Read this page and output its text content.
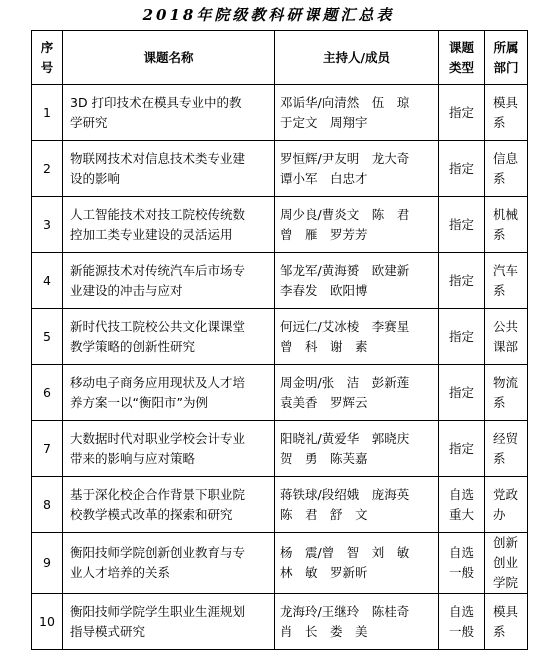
2018年院级教科研课题汇总表
序
号	课题名称	主持人/成员	课题
类型	所属
部门

1	3D 打印技术在模具专业中的教
学研究	邓诟华/向清然　伍　琼
于定文　周翔宇	指定	模具
系

2	物联网技术对信息技术类专业建
设的影响	罗恒辉/尹友明　龙大奇
谭小军　白忠才	指定	信息
系

3	人工智能技术对技工院校传统数
控加工类专业建设的灵活运用	周少良/曹炎文　陈　君
曾　雁　罗芳芳	指定	机械
系

4	新能源技术对传统汽车后市场专
业建设的冲击与应对	邹龙军/黄海赟　欧建新
李春发　欧阳博	指定	汽车
系

5	新时代技工院校公共文化课课堂
教学策略的创新性研究	何远仁/艾冰棱　李赛星
曾　科　谢　素	指定	公共
课部

6	移动电子商务应用现状及人才培
养方案一以“衡阳市”为例	周金明/张　洁　彭新莲
袁美香　罗辉云	指定	物流
系

7	大数据时代对职业学校会计专业
带来的影响与应对策略	阳晓礼/黄爱华　郭晓庆
贺　勇　陈芙嘉	指定	经贸
系

8	基于深化校企合作背景下职业院
校教学模式改革的探索和研究	蒋铁球/段绍娥　庞海英
陈　君　舒　文	自选
重大	党政
办

9	衡阳技师学院创新创业教育与专
业人才培养的关系	杨　震/曾　智　刘　敏
林　敏　罗新昕	自选
一般	创新
创业
学院

10	衡阳技师学院学生职业生涯规划
指导模式研究	龙海玲/王继玲　陈桂奇
肖　长　娄　美	自选
一般	模具
系
